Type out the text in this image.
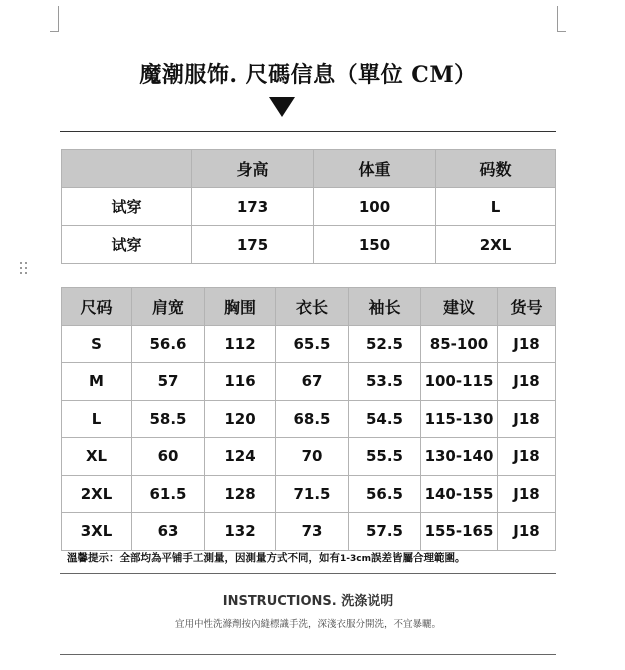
魔潮服饰. 尺碼信息（單位 CM）
	身高	体重	码数
试穿	173	100	L
试穿	175	150	2XL
尺码	肩宽	胸围	衣长	袖长	建议	货号
S	56.6	112	65.5	52.5	85-100	J18
M	57	116	67	53.5	100-115	J18
L	58.5	120	68.5	54.5	115-130	J18
XL	60	124	70	55.5	130-140	J18
2XL	61.5	128	71.5	56.5	140-155	J18
3XL	63	132	73	57.5	155-165	J18
溫馨提示：全部均為平铺手工測量，因測量方式不同，如有1-3cm誤差皆屬合理範圍。
INSTRUCTIONS. 洗涤说明
宜用中性洗滌劑按內縫標識手洗，深淺衣服分開洗，不宜暴曬。
